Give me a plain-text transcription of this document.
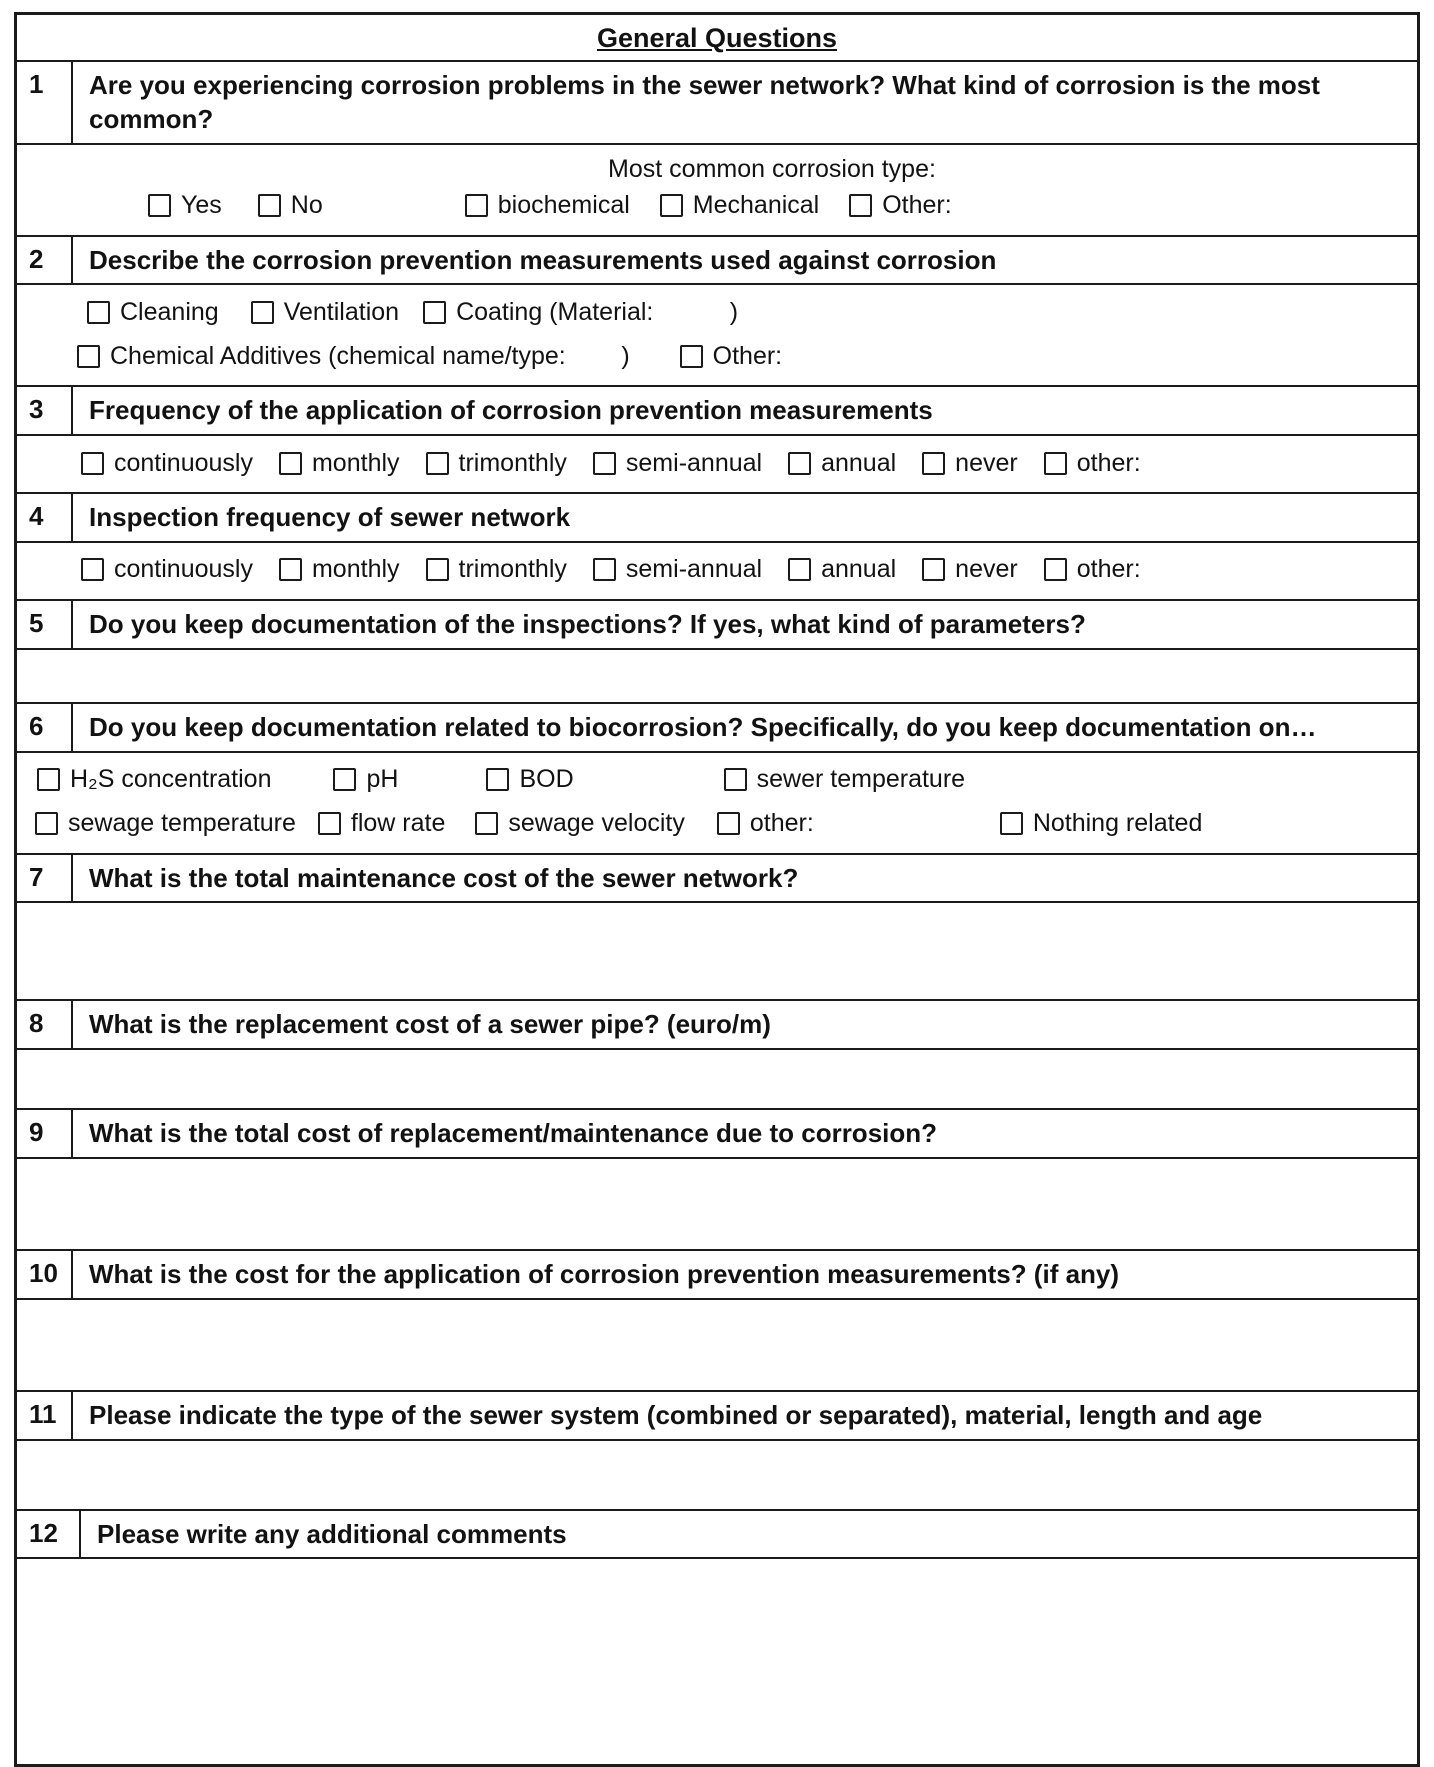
General Questions
1	Are you experiencing corrosion problems in the sewer network? What kind of corrosion is the most common?
Most common corrosion type:
Yes	No	biochemical	Mechanical	Other:
2	Describe the corrosion prevention measurements used against corrosion
Cleaning	Ventilation Coating (Material:           )
Chemical Additives (chemical name/type:        )	Other:
3	Frequency of the application of corrosion prevention measurements
continuously monthly trimonthly semi-annual annual never other:
4	Inspection frequency of sewer network
continuously monthly trimonthly semi-annual annual never other:
5	Do you keep documentation of the inspections? If yes, what kind of parameters?
6	Do you keep documentation related to biocorrosion? Specifically, do you keep documentation on…
H₂S concentration	pH	BOD	sewer temperature
sewage temperature flow rate	sewage velocity	other:	Nothing related
7	What is the total maintenance cost of the sewer network?
8	What is the replacement cost of a sewer pipe? (euro/m)
9	What is the total cost of replacement/maintenance due to corrosion?
10	What is the cost for the application of corrosion prevention measurements? (if any)
11	Please indicate the type of the sewer system (combined or separated), material, length and age
12	Please write any additional comments
